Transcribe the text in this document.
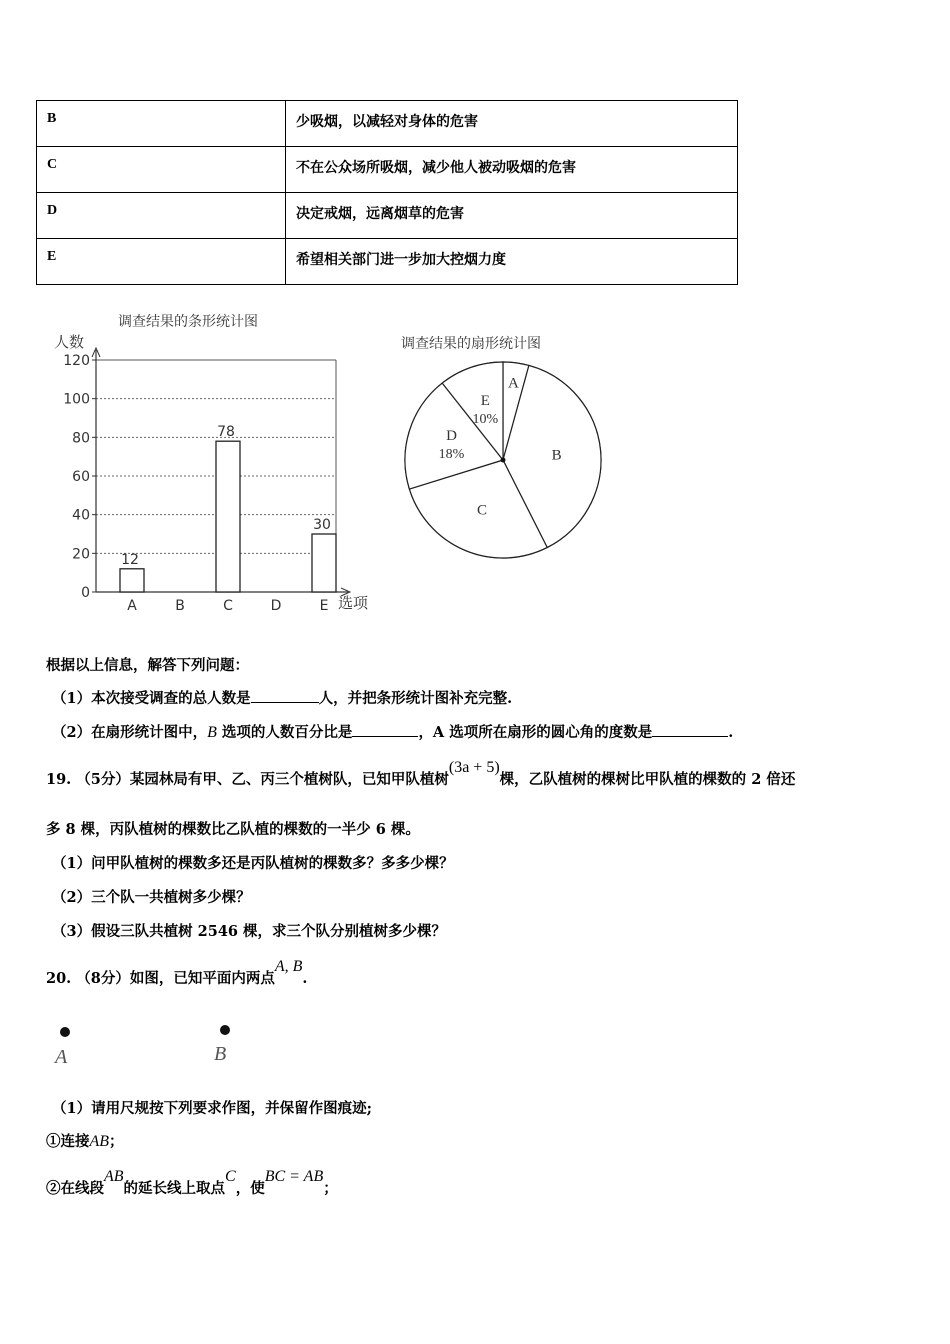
B	少吸烟，以减轻对身体的危害
C	不在公众场所吸烟，减少他人被动吸烟的危害
D	决定戒烟，远离烟草的危害
E	希望相关部门进一步加大控烟力度
调查结果的条形统计图
人数
选项
0
20
40
60
80
100
120
A	B	C	D	E
12
78
30
调查结果的扇形统计图
A
B
C
D
18%
E
10%
根据以上信息，解答下列问题：
（1）本次接受调查的总人数是	人，并把条形统计图补充完整.
（2）在扇形统计图中，B 选项的人数百分比是	，A 选项所在扇形的圆心角的度数是	.
19. （5分）某园林局有甲、乙、丙三个植树队，已知甲队植树(3a + 5)棵，乙队植树的棵树比甲队植的棵数的 2 倍还
多 8 棵，丙队植树的棵数比乙队植的棵数的一半少 6 棵。
（1）问甲队植树的棵数多还是丙队植树的棵数多？多多少棵？
（2）三个队一共植树多少棵？
（3）假设三队共植树 2546 棵，求三个队分别植树多少棵？
20. （8分）如图，已知平面内两点A, B.
A	B
（1）请用尺规按下列要求作图，并保留作图痕迹;
①连接AB；
②在线段AB的延长线上取点C，使BC = AB；
